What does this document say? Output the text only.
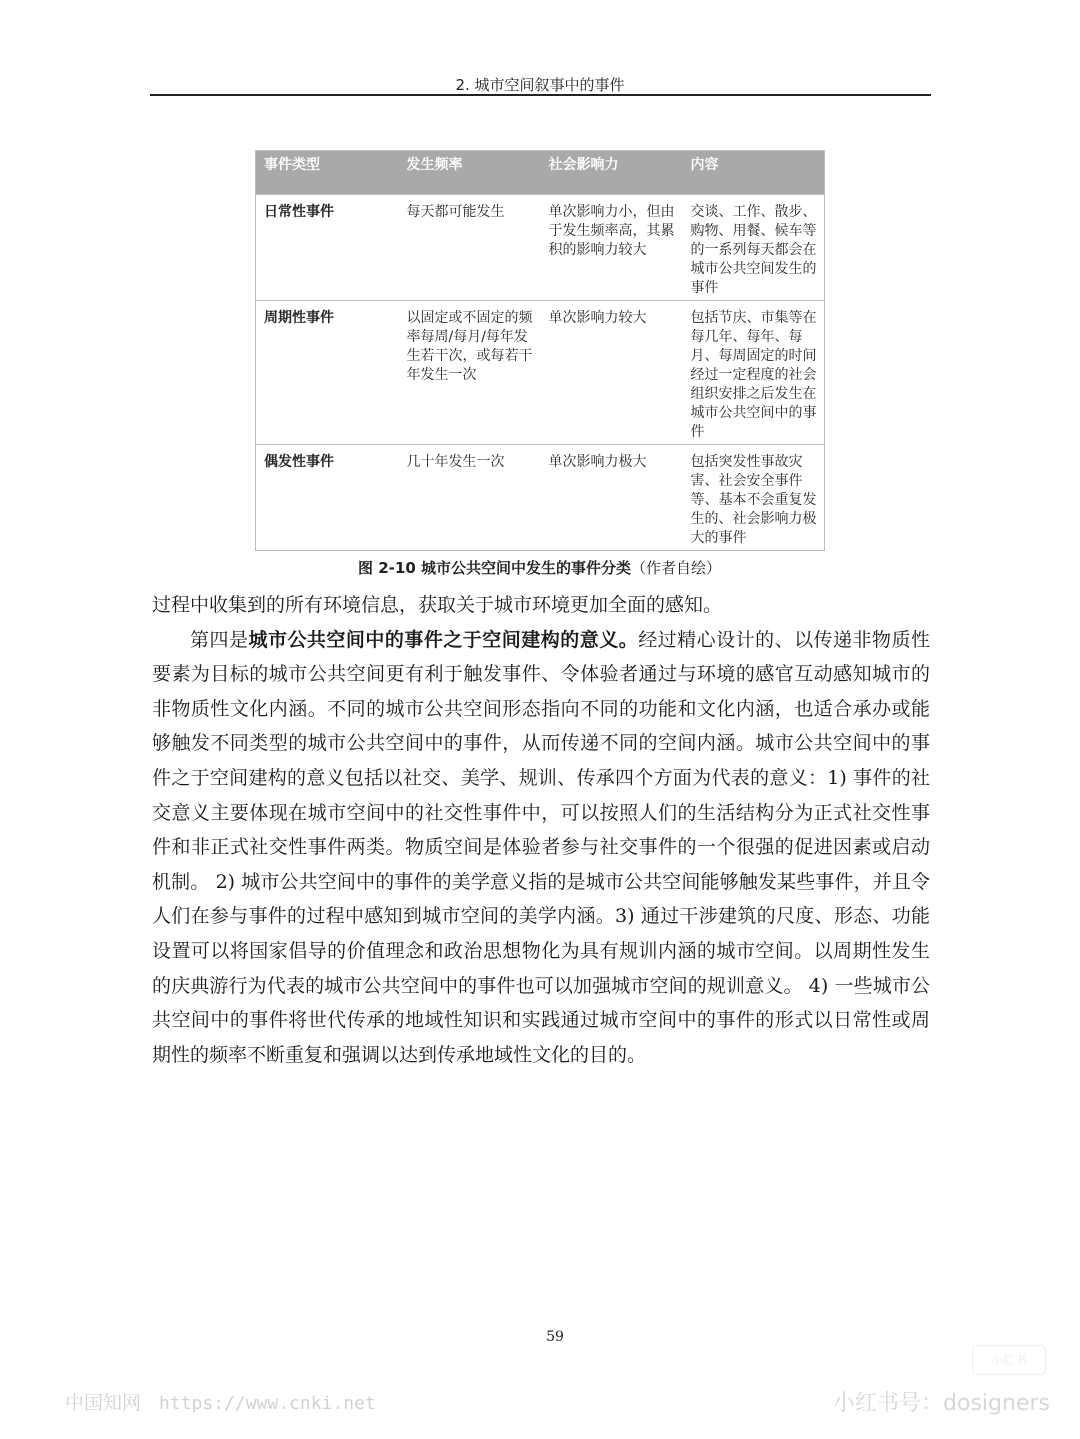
2. 城市空间叙事中的事件
事件类型	发生频率	社会影响力	内容
日常性事件	每天都可能发生	单次影响力小，但由于发生频率高，其累积的影响力较大	交谈、工作、散步、购物、用餐、候车等的一系列每天都会在城市公共空间发生的事件
周期性事件	以固定或不固定的频率每周/每月/每年发生若干次，或每若干年发生一次	单次影响力较大	包括节庆、市集等在每几年、每年、每月、每周固定的时间经过一定程度的社会组织安排之后发生在城市公共空间中的事件
偶发性事件	几十年发生一次	单次影响力极大	包括突发性事故灾害、社会安全事件等、基本不会重复发生的、社会影响力极大的事件
图 2-10 城市公共空间中发生的事件分类（作者自绘）

过程中收集到的所有环境信息，获取关于城市环境更加全面的感知。

第四是城市公共空间中的事件之于空间建构的意义。经过精心设计的、以传递非物质性要素为目标的城市公共空间更有利于触发事件、令体验者通过与环境的感官互动感知城市的非物质性文化内涵。不同的城市公共空间形态指向不同的功能和文化内涵，也适合承办或能够触发不同类型的城市公共空间中的事件，从而传递不同的空间内涵。城市公共空间中的事件之于空间建构的意义包括以社交、美学、规训、传承四个方面为代表的意义：1) 事件的社交意义主要体现在城市空间中的社交性事件中，可以按照人们的生活结构分为正式社交性事件和非正式社交性事件两类。物质空间是体验者参与社交事件的一个很强的促进因素或启动机制。 2) 城市公共空间中的事件的美学意义指的是城市公共空间能够触发某些事件，并且令人们在参与事件的过程中感知到城市空间的美学内涵。3) 通过干涉建筑的尺度、形态、功能设置可以将国家倡导的价值理念和政治思想物化为具有规训内涵的城市空间。以周期性发生的庆典游行为代表的城市公共空间中的事件也可以加强城市空间的规训意义。 4) 一些城市公共空间中的事件将世代传承的地域性知识和实践通过城市空间中的事件的形式以日常性或周期性的频率不断重复和强调以达到传承地域性文化的目的。

59
小红书
中国知网 https://www.cnki.net	小红书号：dosigners
